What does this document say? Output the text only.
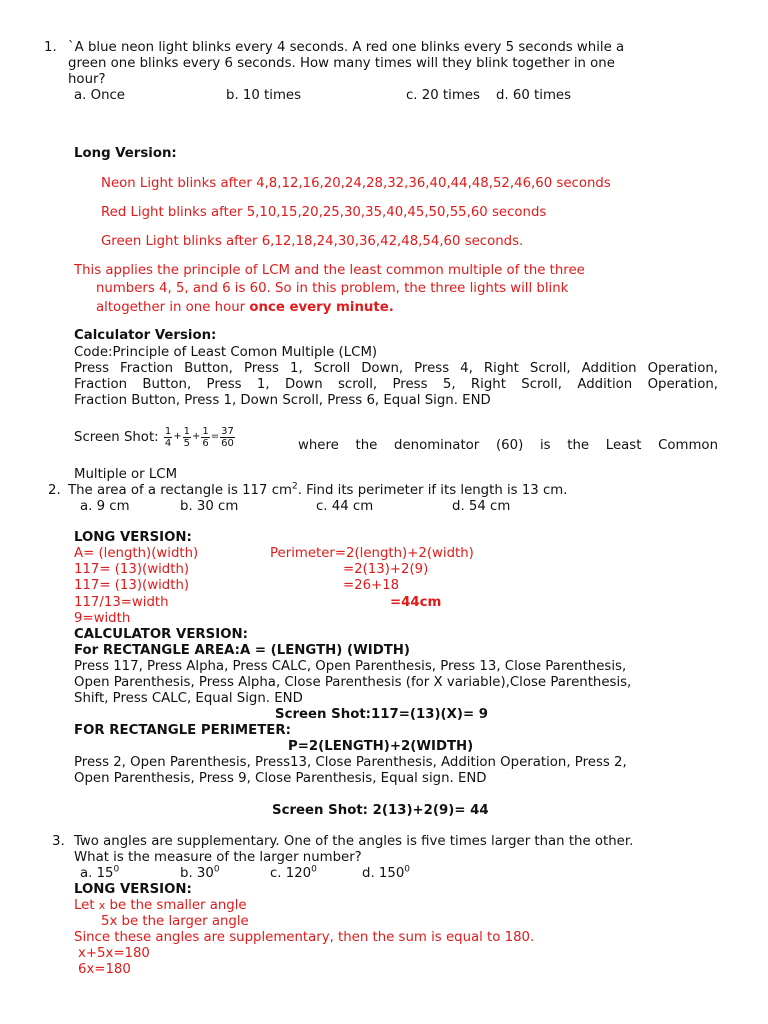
1. `A blue neon light blinks every 4 seconds. A red one blinks every 5 seconds while a
green one blinks every 6 seconds. How many times will they blink together in one
hour?
a. Once	b. 10 times	c. 20 times d. 60 times
Long Version:
Neon Light blinks after 4,8,12,16,20,24,28,32,36,40,44,48,52,46,60 seconds
Red Light blinks after 5,10,15,20,25,30,35,40,45,50,55,60 seconds
Green Light blinks after 6,12,18,24,30,36,42,48,54,60 seconds.
This applies the principle of LCM and the least common multiple of the three
numbers 4, 5, and 6 is 60. So in this problem, the three lights will blink
altogether in one hour once every minute.
Calculator Version:
Code:Principle of Least Comon Multiple (LCM)
Press Fraction Button, Press 1, Scroll Down, Press 4, Right Scroll, Addition Operation,
Fraction Button, Press 1, Down scroll, Press 5, Right Scroll, Addition Operation,
Fraction Button, Press 1, Down Scroll, Press 6, Equal Sign. END
Screen Shot: $\frac{1}{4} + \frac{1}{5} + \frac{1}{6} = \frac{37}{60}$	where the denominator (60) is the Least Common
Multiple or LCM
2. The area of a rectangle is 117 $cm^2$. Find its perimeter if its length is 13 cm.
a. 9 cm	b. 30 cm	c. 44 cm	d. 54 cm
LONG VERSION:
A= (length)(width)
117= (13)(width)
117= (13)(width)
117/13=width
9=width
Perimeter=2(length)+2(width)
=2(13)+2(9)
=26+18
=44cm
CALCULATOR VERSION:
For RECTANGLE AREA:A = (LENGTH) (WIDTH)
Press 117, Press Alpha, Press CALC, Open Parenthesis, Press 13, Close Parenthesis,
Open Parenthesis, Press Alpha, Close Parenthesis (for X variable),Close Parenthesis,
Shift, Press CALC, Equal Sign. END
Screen Shot:117=(13)(X)= 9
FOR RECTANGLE PERIMETER:
P=2(LENGTH)+2(WIDTH)
Press 2, Open Parenthesis, Press13, Close Parenthesis, Addition Operation, Press 2,
Open Parenthesis, Press 9, Close Parenthesis, Equal sign. END
Screen Shot: 2(13)+2(9)= 44
3. Two angles are supplementary. One of the angles is five times larger than the other.
What is the measure of the larger number?
a. $15^0$	b. $30^0$	c. $120^0$	d. $150^0$
LONG VERSION:
Let x be the smaller angle
5x be the larger angle
Since these angles are supplementary, then the sum is equal to 180.
x+5x=180
6x=180
